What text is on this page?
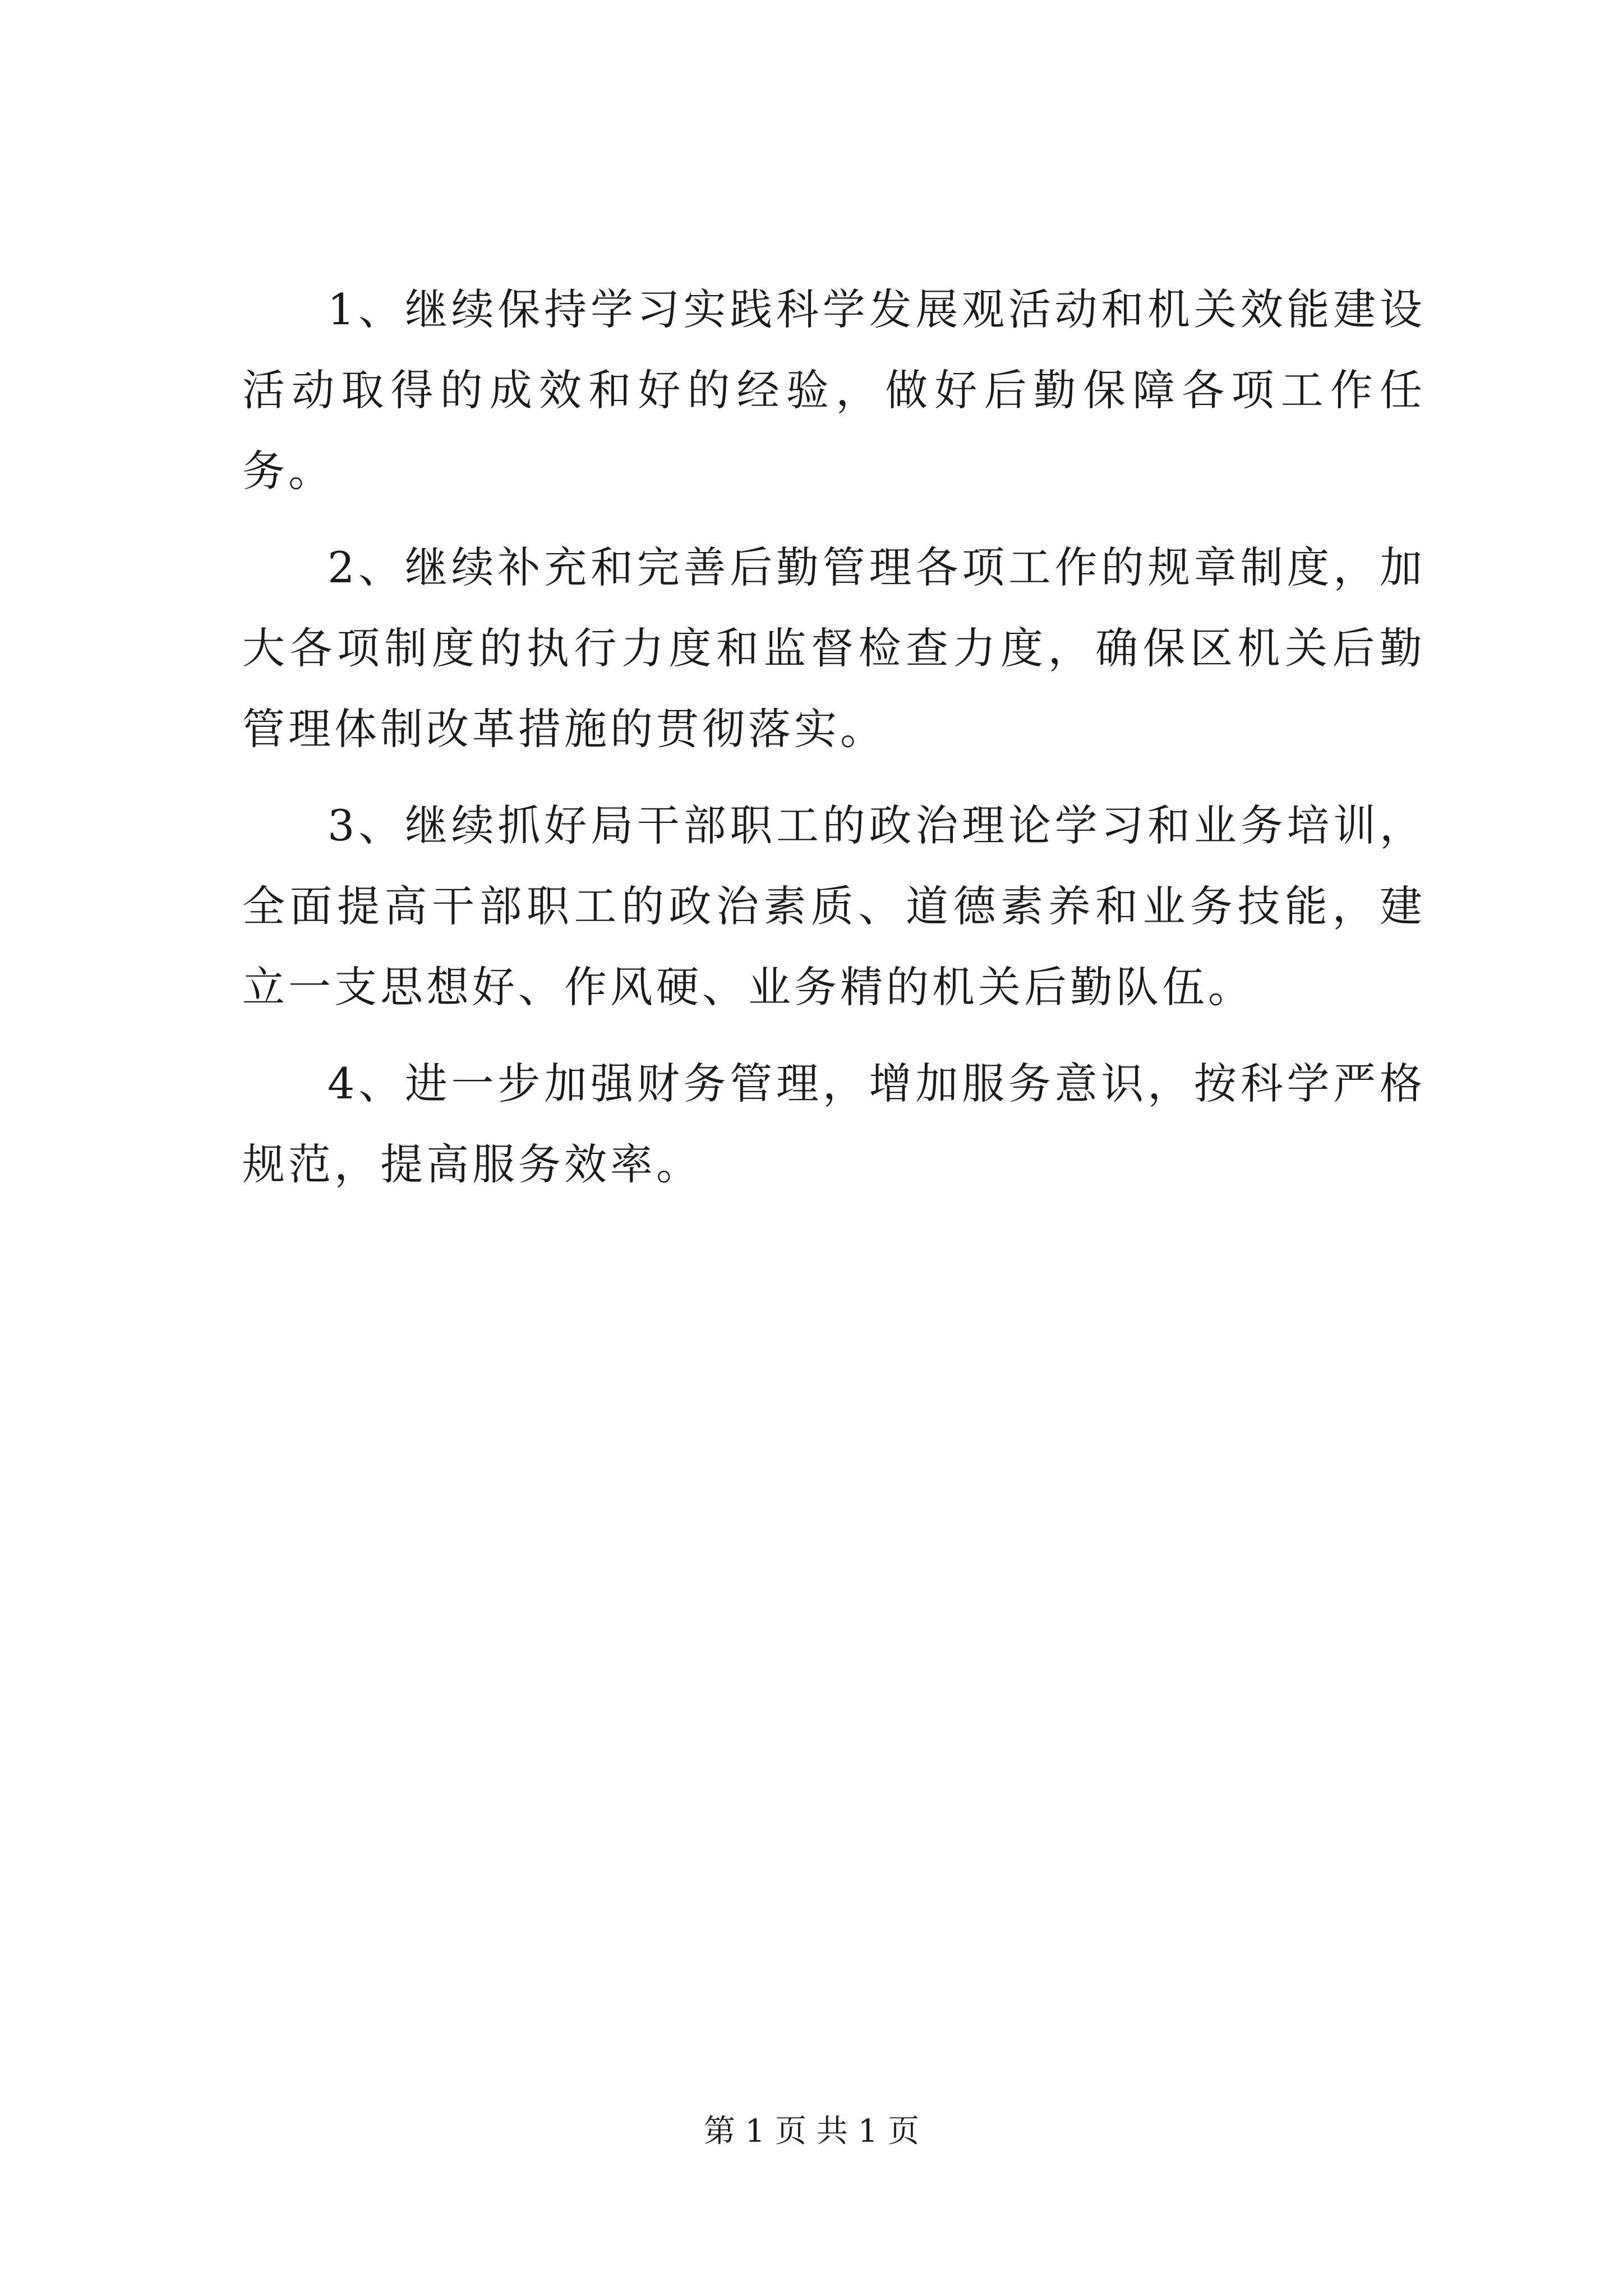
1、继续保持学习实践科学发展观活动和机关效能建设活动取得的成效和好的经验，做好后勤保障各项工作任务。

2、继续补充和完善后勤管理各项工作的规章制度，加大各项制度的执行力度和监督检查力度，确保区机关后勤管理体制改革措施的贯彻落实。

3、继续抓好局干部职工的政治理论学习和业务培训，全面提高干部职工的政治素质、道德素养和业务技能，建立一支思想好、作风硬、业务精的机关后勤队伍。

4、进一步加强财务管理，增加服务意识，按科学严格规范，提高服务效率。

第 1 页 共 1 页
